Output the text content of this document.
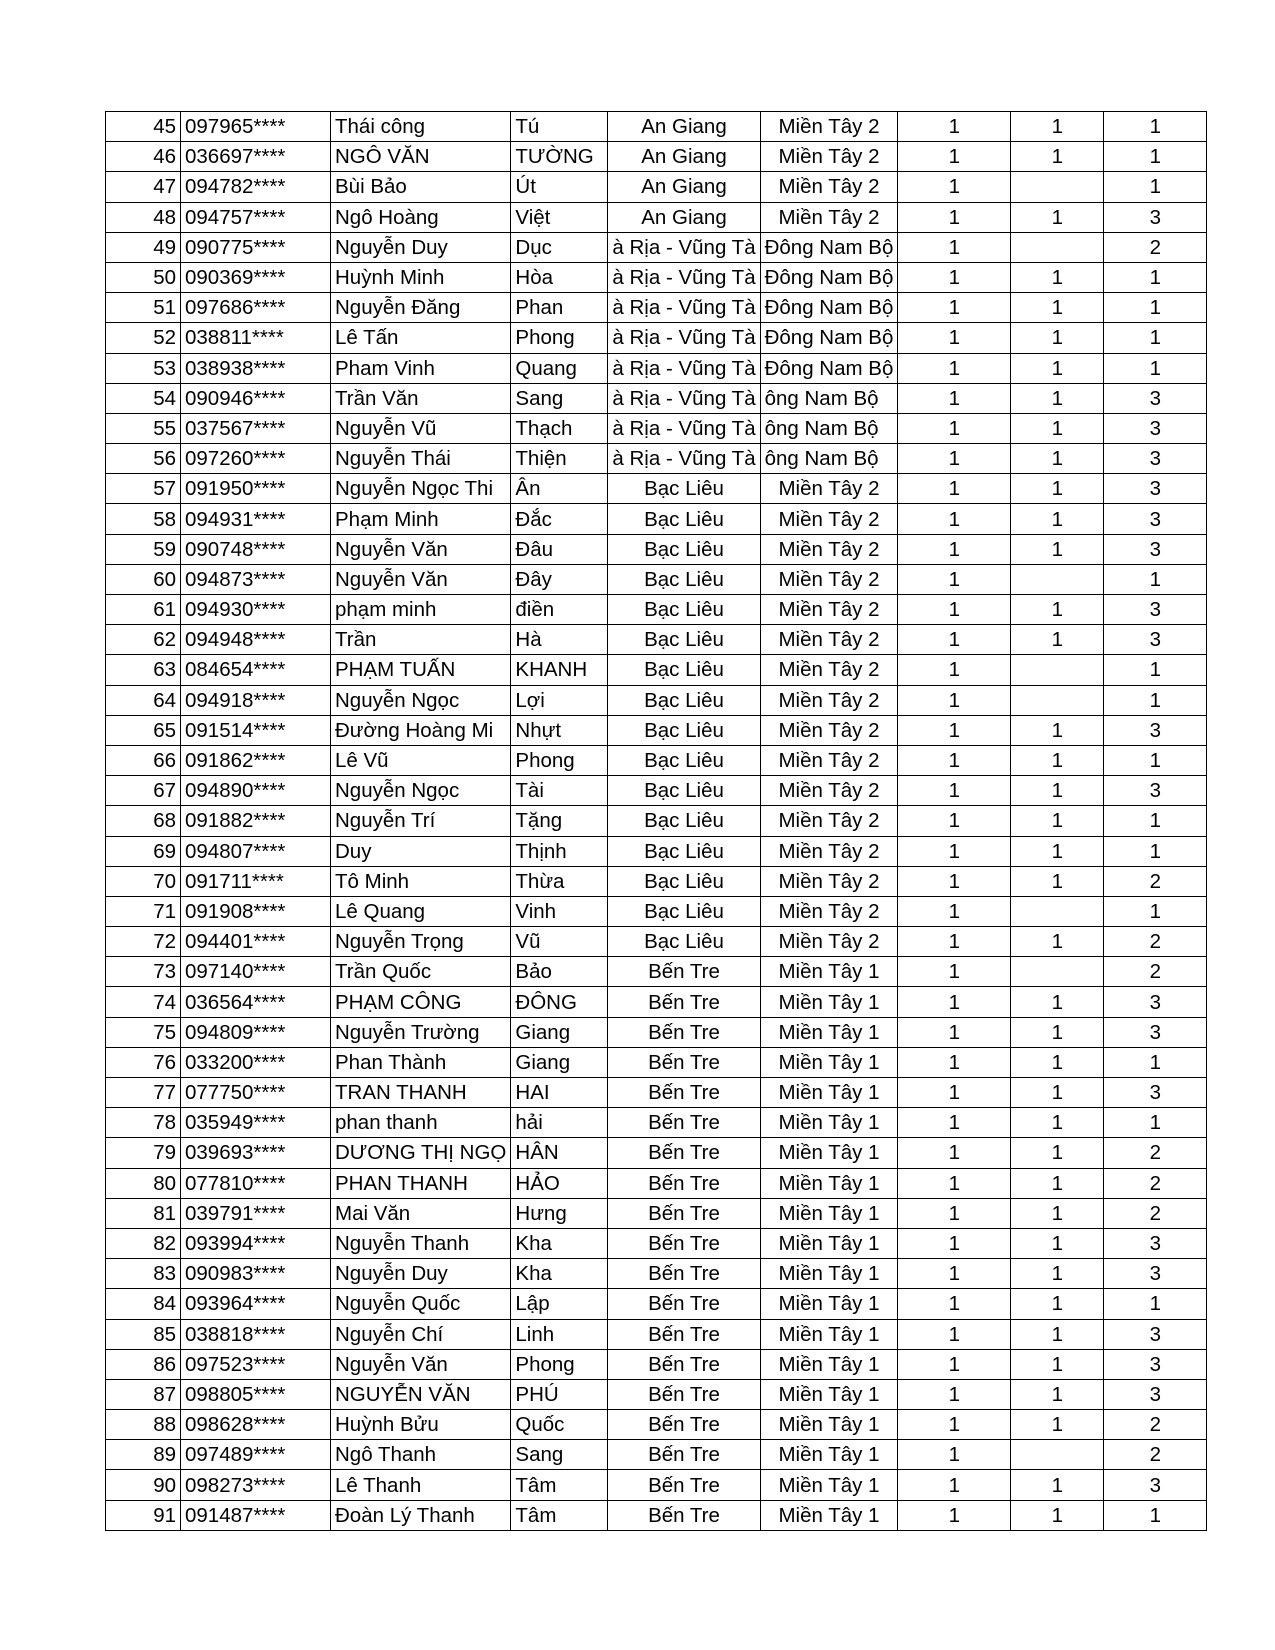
45	097965****	Thái công	Tú	An Giang	Miền Tây 2	1	1	1
46	036697****	NGÔ VĂN	TƯỜNG	An Giang	Miền Tây 2	1	1	1
47	094782****	Bùi Bảo	Út	An Giang	Miền Tây 2	1		1
48	094757****	Ngô Hoàng	Việt	An Giang	Miền Tây 2	1	1	3
49	090775****	Nguyễn Duy	Dục	à Rịa - Vũng Tà	Đông Nam Bộ	1		2
50	090369****	Huỳnh Minh	Hòa	à Rịa - Vũng Tà	Đông Nam Bộ	1	1	1
51	097686****	Nguyễn Đăng	Phan	à Rịa - Vũng Tà	Đông Nam Bộ	1	1	1
52	038811****	Lê Tấn	Phong	à Rịa - Vũng Tà	Đông Nam Bộ	1	1	1
53	038938****	Pham Vinh	Quang	à Rịa - Vũng Tà	Đông Nam Bộ	1	1	1
54	090946****	Trần Văn	Sang	à Rịa - Vũng Tà	ông Nam Bộ	1	1	3
55	037567****	Nguyễn Vũ	Thạch	à Rịa - Vũng Tà	ông Nam Bộ	1	1	3
56	097260****	Nguyễn Thái	Thiện	à Rịa - Vũng Tà	ông Nam Bộ	1	1	3
57	091950****	Nguyễn Ngọc Thi	Ân	Bạc Liêu	Miền Tây 2	1	1	3
58	094931****	Phạm Minh	Đắc	Bạc Liêu	Miền Tây 2	1	1	3
59	090748****	Nguyễn Văn	Đâu	Bạc Liêu	Miền Tây 2	1	1	3
60	094873****	Nguyễn Văn	Đây	Bạc Liêu	Miền Tây 2	1		1
61	094930****	phạm minh	điền	Bạc Liêu	Miền Tây 2	1	1	3
62	094948****	Trần	Hà	Bạc Liêu	Miền Tây 2	1	1	3
63	084654****	PHẠM TUẤN	KHANH	Bạc Liêu	Miền Tây 2	1		1
64	094918****	Nguyễn Ngọc	Lợi	Bạc Liêu	Miền Tây 2	1		1
65	091514****	Đường Hoàng Mi	Nhựt	Bạc Liêu	Miền Tây 2	1	1	3
66	091862****	Lê Vũ	Phong	Bạc Liêu	Miền Tây 2	1	1	1
67	094890****	Nguyễn Ngọc	Tài	Bạc Liêu	Miền Tây 2	1	1	3
68	091882****	Nguyễn Trí	Tặng	Bạc Liêu	Miền Tây 2	1	1	1
69	094807****	Duy	Thịnh	Bạc Liêu	Miền Tây 2	1	1	1
70	091711****	Tô Minh	Thừa	Bạc Liêu	Miền Tây 2	1	1	2
71	091908****	Lê Quang	Vinh	Bạc Liêu	Miền Tây 2	1		1
72	094401****	Nguyễn Trọng	Vũ	Bạc Liêu	Miền Tây 2	1	1	2
73	097140****	Trần Quốc	Bảo	Bến Tre	Miền Tây 1	1		2
74	036564****	PHẠM CÔNG	ĐÔNG	Bến Tre	Miền Tây 1	1	1	3
75	094809****	Nguyễn Trường	Giang	Bến Tre	Miền Tây 1	1	1	3
76	033200****	Phan Thành	Giang	Bến Tre	Miền Tây 1	1	1	1
77	077750****	TRAN THANH	HAI	Bến Tre	Miền Tây 1	1	1	3
78	035949****	phan thanh	hải	Bến Tre	Miền Tây 1	1	1	1
79	039693****	DƯƠNG THỊ NGỌ	HÂN	Bến Tre	Miền Tây 1	1	1	2
80	077810****	PHAN THANH	HẢO	Bến Tre	Miền Tây 1	1	1	2
81	039791****	Mai Văn	Hưng	Bến Tre	Miền Tây 1	1	1	2
82	093994****	Nguyễn Thanh	Kha	Bến Tre	Miền Tây 1	1	1	3
83	090983****	Nguyễn Duy	Kha	Bến Tre	Miền Tây 1	1	1	3
84	093964****	Nguyễn Quốc	Lập	Bến Tre	Miền Tây 1	1	1	1
85	038818****	Nguyễn Chí	Linh	Bến Tre	Miền Tây 1	1	1	3
86	097523****	Nguyễn Văn	Phong	Bến Tre	Miền Tây 1	1	1	3
87	098805****	NGUYỄN VĂN	PHÚ	Bến Tre	Miền Tây 1	1	1	3
88	098628****	Huỳnh Bửu	Quốc	Bến Tre	Miền Tây 1	1	1	2
89	097489****	Ngô Thanh	Sang	Bến Tre	Miền Tây 1	1		2
90	098273****	Lê Thanh	Tâm	Bến Tre	Miền Tây 1	1	1	3
91	091487****	Đoàn Lý Thanh	Tâm	Bến Tre	Miền Tây 1	1	1	1
